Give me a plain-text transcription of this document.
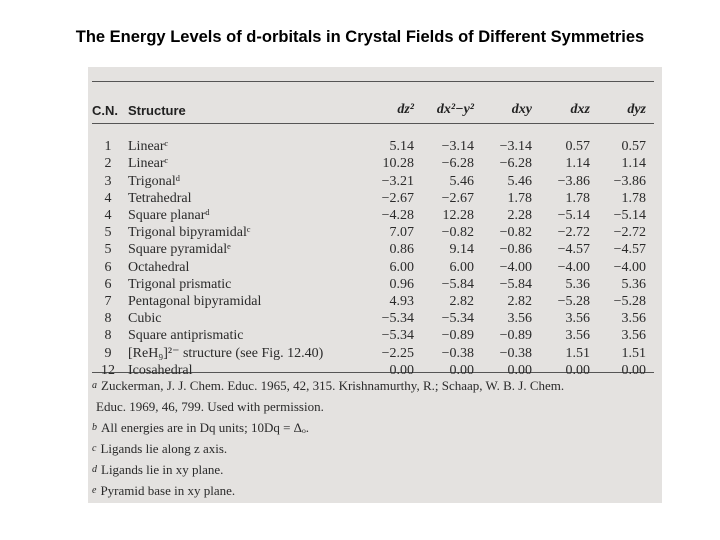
The Energy Levels of d-orbitals in Crystal Fields of Different Symmetries
C.N.	Structure	dz²	dx²−y²	dxy	dxz	dyz

1	Linearᶜ	5.14	−3.14	−3.14	0.57	0.57
2	Linearᶜ	10.28	−6.28	−6.28	1.14	1.14
3	Trigonalᵈ	−3.21	5.46	5.46	−3.86	−3.86
4	Tetrahedral	−2.67	−2.67	1.78	1.78	1.78
4	Square planarᵈ	−4.28	12.28	2.28	−5.14	−5.14
5	Trigonal bipyramidalᶜ	7.07	−0.82	−0.82	−2.72	−2.72
5	Square pyramidalᵉ	0.86	9.14	−0.86	−4.57	−4.57
6	Octahedral	6.00	6.00	−4.00	−4.00	−4.00
6	Trigonal prismatic	0.96	−5.84	−5.84	5.36	5.36
7	Pentagonal bipyramidal	4.93	2.82	2.82	−5.28	−5.28
8	Cubic	−5.34	−5.34	3.56	3.56	3.56
8	Square antiprismatic	−5.34	−0.89	−0.89	3.56	3.56
9	[ReH₉]²⁻ structure (see Fig. 12.40)	−2.25	−0.38	−0.38	1.51	1.51
12	Icosahedral	0.00	0.00	0.00	0.00	0.00
$^a$ Zuckerman, J. J. Chem. Educ. 1965, 42, 315. Krishnamurthy, R.; Schaap, W. B. J. Chem.
Educ. 1969, 46, 799. Used with permission.
$^b$ All energies are in Dq units; 10Dq = Δₒ.
$^c$ Ligands lie along z axis.
$^d$ Ligands lie in xy plane.
$^e$ Pyramid base in xy plane.
